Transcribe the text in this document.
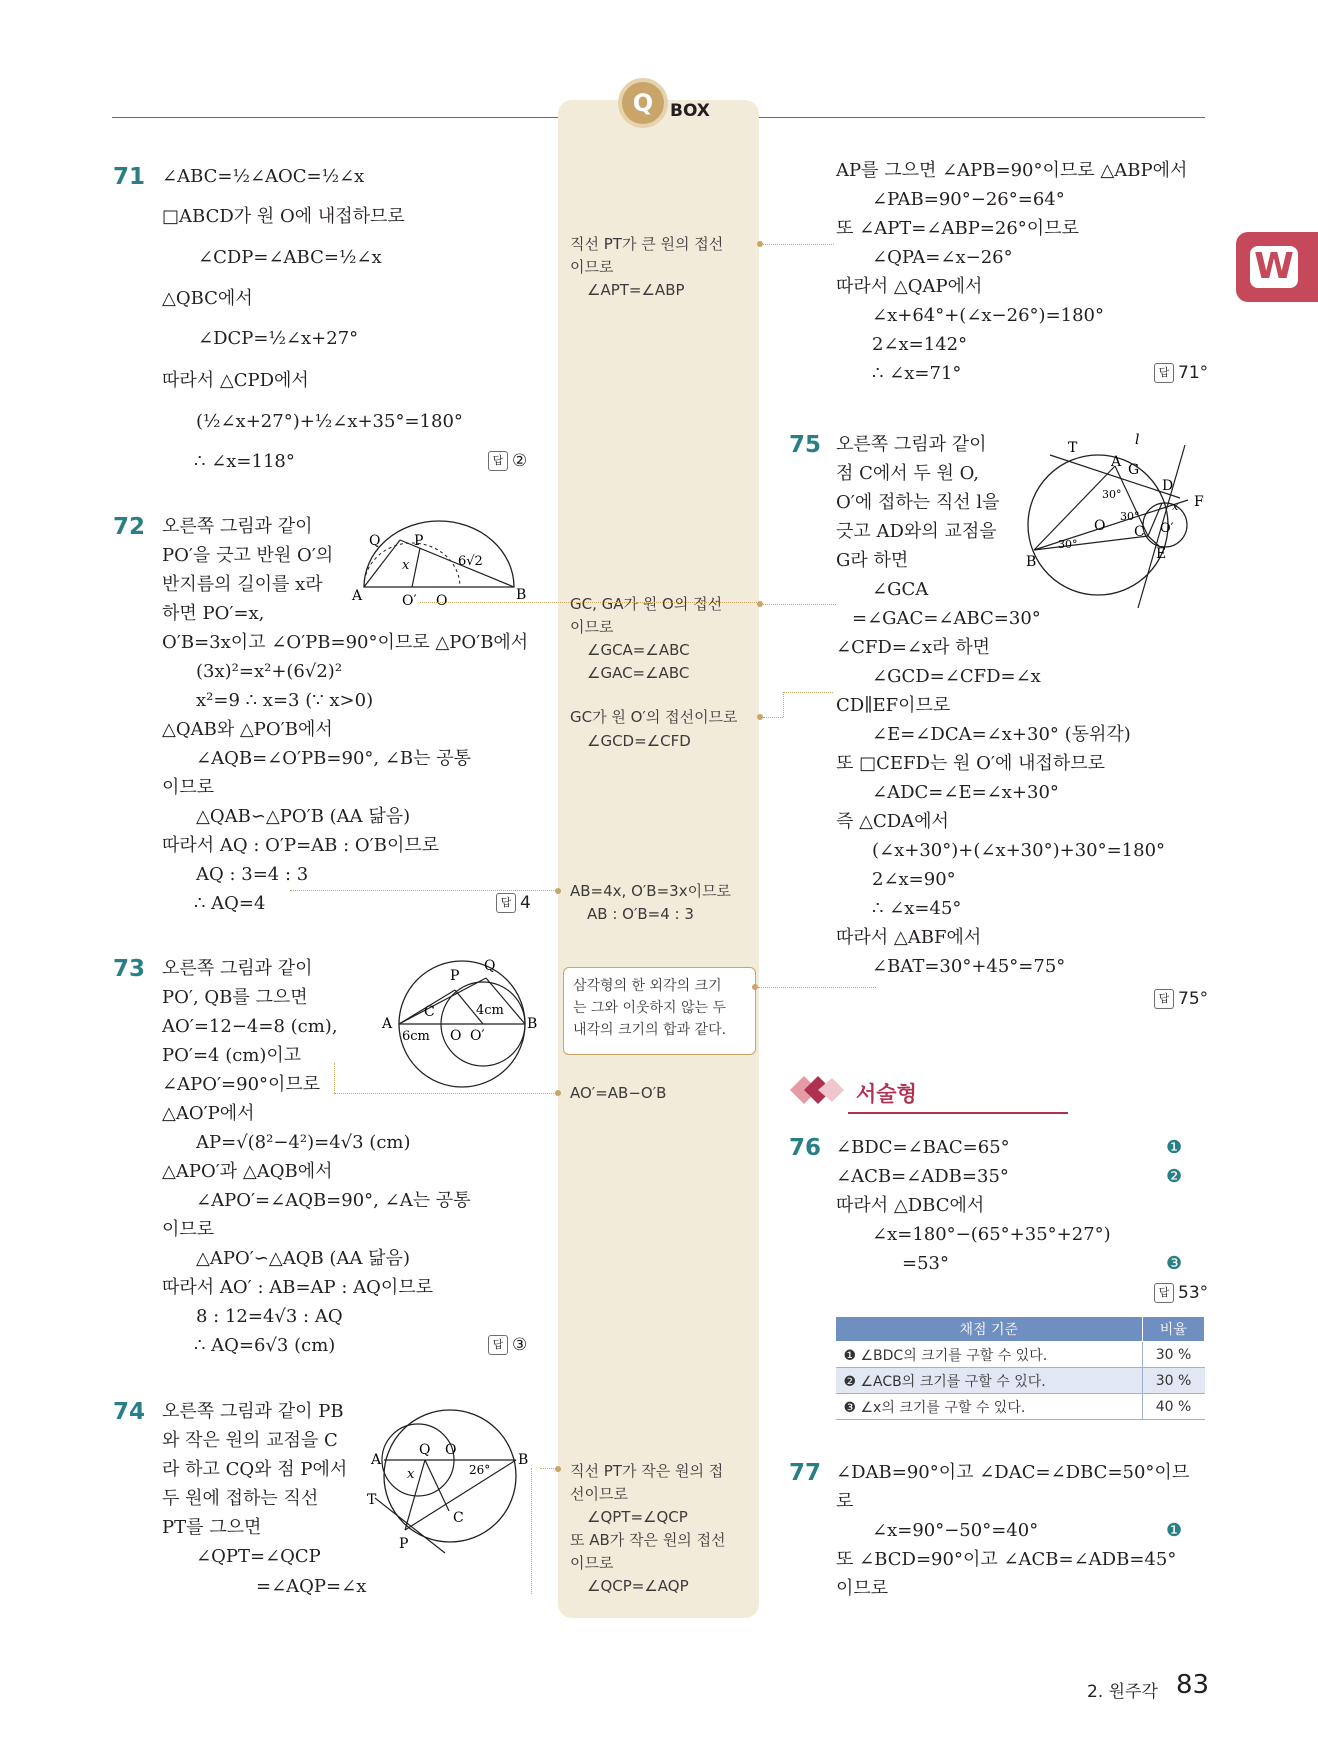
Q BOX
W
71 ∠ABC=½∠AOC=½∠x
□ABCD가 원 O에 내접하므로
∠CDP=∠ABC=½∠x
△QBC에서
∠DCP=½∠x+27°
따라서 △CPD에서
(½∠x+27°)+½∠x+35°=180°
∴ ∠x=118°	답 ②
72 오른쪽 그림과 같이
PO′을 긋고 반원 O′의
반지름의 길이를 x라
하면 PO′=x,
O′B=3x이고 ∠O′PB=90°이므로 △PO′B에서
(3x)²=x²+(6√2)²
x²=9 ∴ x=3 (∵ x>0)
△QAB와 △PO′B에서
∠AQB=∠O′PB=90°, ∠B는 공통
이므로
△QAB∽△PO′B (AA 닮음)
따라서 AQ : O′P=AB : O′B이므로
AQ : 3=4 : 3
∴ AQ=4	답 4
Q P
A	O′ O	B
x	6√2
73 오른쪽 그림과 같이
PO′, QB를 그으면
AO′=12−4=8 (cm),
PO′=4 (cm)이고
∠APO′=90°이므로
△AO′P에서
AP=√(8²−4²)=4√3 (cm)
△APO′과 △AQB에서
∠APO′=∠AQB=90°, ∠A는 공통
이므로
△APO′∽△AQB (AA 닮음)
따라서 AO′ : AB=AP : AQ이므로
8 : 12=4√3 : AQ
∴ AQ=6√3 (cm)	답 ③
P
Q
A
C	4cm
B
6cm O O′
74 오른쪽 그림과 같이 PB
와 작은 원의 교점을 C
라 하고 CQ와 점 P에서
두 원에 접하는 직선
PT를 그으면
∠QPT=∠QCP
=∠AQP=∠x
A
Q O
26°
B
x
T
C
P
직선 PT가 큰 원의 접선
이므로
∠APT=∠ABP
GC, GA가 원 O의 접선
이므로
∠GCA=∠ABC
∠GAC=∠ABC
GC가 원 O′의 접선이므로
∠GCD=∠CFD
AB=4x, O′B=3x이므로
AB : O′B=4 : 3
삼각형의 한 외각의 크기
는 그와 이웃하지 않는 두
내각의 크기의 합과 같다.
AO′=AB−O′B
직선 PT가 작은 원의 접
선이므로
∠QPT=∠QCP
또 AB가 작은 원의 접선
이므로
∠QCP=∠AQP
AP를 그으면 ∠APB=90°이므로 △ABP에서
∠PAB=90°−26°=64°
또 ∠APT=∠ABP=26°이므로
∠QPA=∠x−26°
따라서 △QAP에서
∠x+64°+(∠x−26°)=180°
2∠x=142°
∴ ∠x=71°	답 71°
75 오른쪽 그림과 같이
점 C에서 두 원 O,
O′에 접하는 직선 l을
긋고 AD와의 교점을
G라 하면
∠GCA
=∠GAC=∠ABC=30°
∠CFD=∠x라 하면
∠GCD=∠CFD=∠x
CD∥EF이므로
∠E=∠DCA=∠x+30° (동위각)
또 □CEFD는 원 O′에 내접하므로
∠ADC=∠E=∠x+30°
즉 △CDA에서
(∠x+30°)+(∠x+30°)+30°=180°
2∠x=90°
∴ ∠x=45°
따라서 △ABF에서
∠BAT=30°+45°=75°
답 75°
T	l
A G
D
30°	F
O	O′
30°
x
C
E
30°
B
서술형
76 ∠BDC=∠BAC=65°
∠ACB=∠ADB=35°
따라서 △DBC에서
∠x=180°−(65°+35°+27°)
=53°
❶
❷
❸
답 53°
채점 기준	비율
❶ ∠BDC의 크기를 구할 수 있다.	30 %
❷ ∠ACB의 크기를 구할 수 있다.	30 %
❸ ∠x의 크기를 구할 수 있다.	40 %
77 ∠DAB=90°이고 ∠DAC=∠DBC=50°이므
로
∠x=90°−50°=40°
또 ∠BCD=90°이고 ∠ACB=∠ADB=45°
이므로
❶
2. 원주각 83
